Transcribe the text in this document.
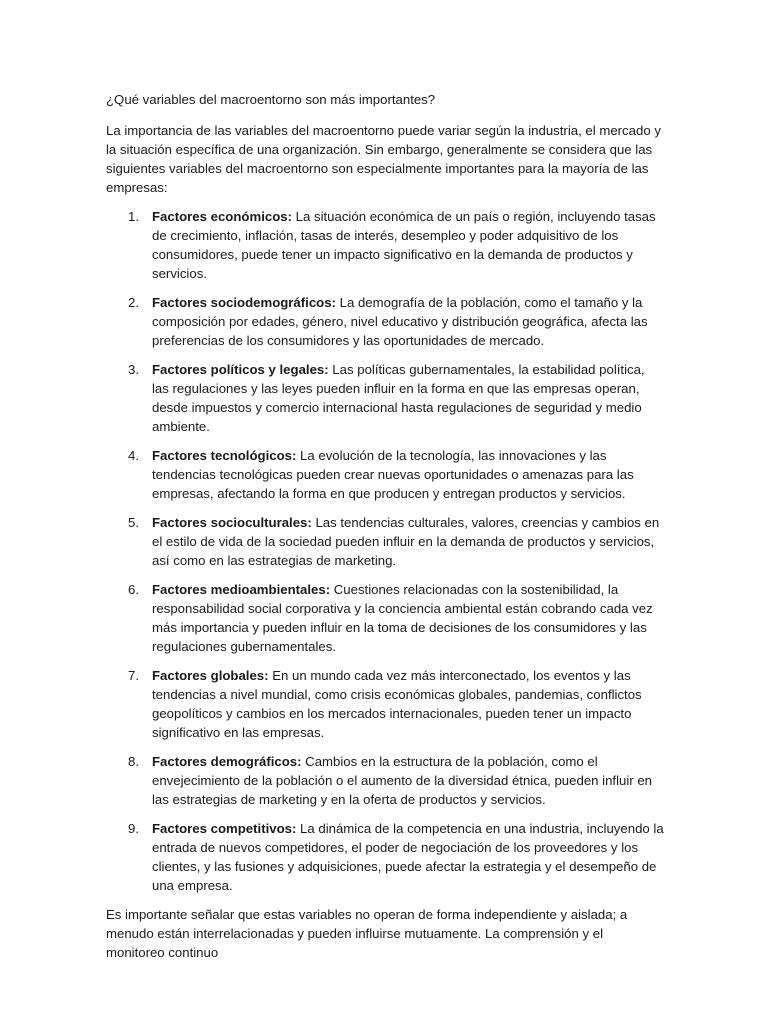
¿Qué variables del macroentorno son más importantes?

La importancia de las variables del macroentorno puede variar según la industria, el mercado y la situación específica de una organización. Sin embargo, generalmente se considera que las siguientes variables del macroentorno son especialmente importantes para la mayoría de las empresas:

1. Factores económicos: La situación económica de un país o región, incluyendo tasas de crecimiento, inflación, tasas de interés, desempleo y poder adquisitivo de los consumidores, puede tener un impacto significativo en la demanda de productos y servicios.
2. Factores sociodemográficos: La demografía de la población, como el tamaño y la composición por edades, género, nivel educativo y distribución geográfica, afecta las preferencias de los consumidores y las oportunidades de mercado.
3. Factores políticos y legales: Las políticas gubernamentales, la estabilidad política, las regulaciones y las leyes pueden influir en la forma en que las empresas operan, desde impuestos y comercio internacional hasta regulaciones de seguridad y medio ambiente.
4. Factores tecnológicos: La evolución de la tecnología, las innovaciones y las tendencias tecnológicas pueden crear nuevas oportunidades o amenazas para las empresas, afectando la forma en que producen y entregan productos y servicios.
5. Factores socioculturales: Las tendencias culturales, valores, creencias y cambios en el estilo de vida de la sociedad pueden influir en la demanda de productos y servicios, así como en las estrategias de marketing.
6. Factores medioambientales: Cuestiones relacionadas con la sostenibilidad, la responsabilidad social corporativa y la conciencia ambiental están cobrando cada vez más importancia y pueden influir en la toma de decisiones de los consumidores y las regulaciones gubernamentales.
7. Factores globales: En un mundo cada vez más interconectado, los eventos y las tendencias a nivel mundial, como crisis económicas globales, pandemias, conflictos geopolíticos y cambios en los mercados internacionales, pueden tener un impacto significativo en las empresas.
8. Factores demográficos: Cambios en la estructura de la población, como el envejecimiento de la población o el aumento de la diversidad étnica, pueden influir en las estrategias de marketing y en la oferta de productos y servicios.
9. Factores competitivos: La dinámica de la competencia en una industria, incluyendo la entrada de nuevos competidores, el poder de negociación de los proveedores y los clientes, y las fusiones y adquisiciones, puede afectar la estrategia y el desempeño de una empresa.

Es importante señalar que estas variables no operan de forma independiente y aislada; a menudo están interrelacionadas y pueden influirse mutuamente. La comprensión y el monitoreo continuo
